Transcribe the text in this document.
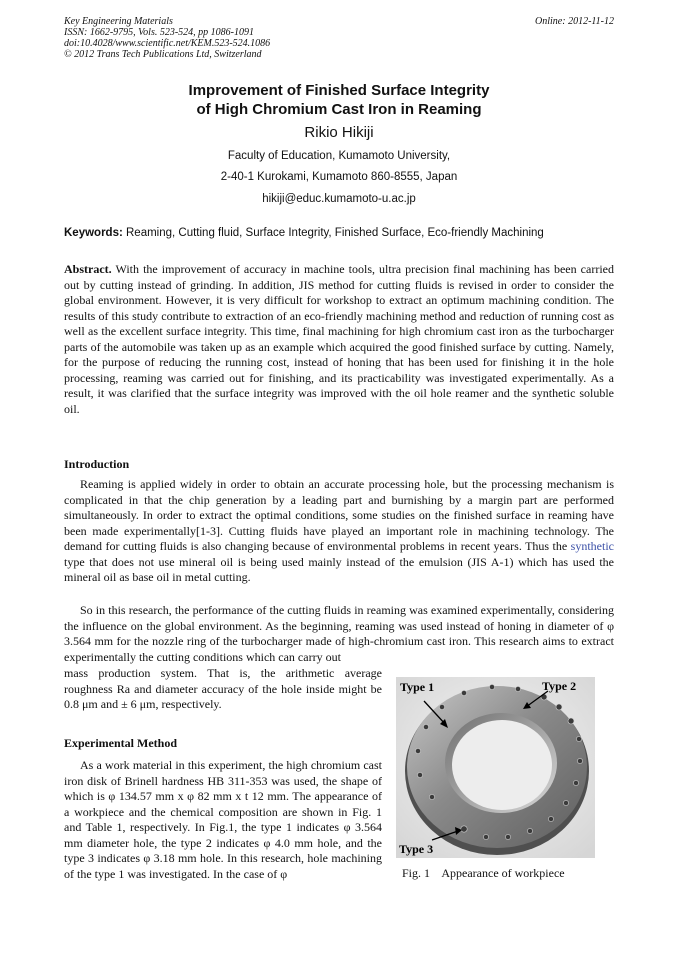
Key Engineering Materials
ISSN: 1662-9795, Vols. 523-524, pp 1086-1091
doi:10.4028/www.scientific.net/KEM.523-524.1086
© 2012 Trans Tech Publications Ltd, Switzerland
Online: 2012-11-12
Improvement of Finished Surface Integrity
of High Chromium Cast Iron in Reaming
Rikio Hikiji
Faculty of Education, Kumamoto University,
2-40-1 Kurokami, Kumamoto 860-8555, Japan
hikiji@educ.kumamoto-u.ac.jp
Keywords: Reaming, Cutting fluid, Surface Integrity, Finished Surface, Eco-friendly Machining

Abstract. With the improvement of accuracy in machine tools, ultra precision final machining has been carried out by cutting instead of grinding. In addition, JIS method for cutting fluids is revised in order to consider the global environment. However, it is very difficult for workshop to extract an optimum machining condition. The results of this study contribute to extraction of an eco-friendly machining method and reduction of running cost as well as the excellent surface integrity. This time, final machining for high chromium cast iron as the turbocharger parts of the automobile was taken up as an example which acquired the good finished surface by cutting. Namely, for the purpose of reducing the running cost, instead of honing that has been used for finishing it in the hole processing, reaming was carried out for finishing, and its practicability was investigated experimentally. As a result, it was clarified that the surface integrity was improved with the oil hole reamer and the synthetic soluble oil.

Introduction

Reaming is applied widely in order to obtain an accurate processing hole, but the processing mechanism is complicated in that the chip generation by a leading part and burnishing by a margin part are performed simultaneously. In order to extract the optimal conditions, some studies on the finished surface in reaming have been made experimentally[1-3]. Cutting fluids have played an important role in machining technology. The demand for cutting fluids is also changing because of environmental problems in recent years. Thus the synthetic type that does not use mineral oil is being used mainly instead of the emulsion (JIS A-1) which has used the mineral oil as base oil in metal cutting.

So in this research, the performance of the cutting fluids in reaming was examined experimentally, considering the influence on the global environment. As the beginning, reaming was used instead of honing in diameter of φ 3.564 mm for the nozzle ring of the turbocharger made of high-chromium cast iron. This research aims to extract experimentally the cutting conditions which can carry out

mass production system. That is, the arithmetic average roughness Ra and diameter accuracy of the hole inside might be 0.8 μm and ± 6 μm, respectively.

Experimental Method

As a work material in this experiment, the high chromium cast iron disk of Brinell hardness HB 311-353 was used, the shape of which is φ 134.57 mm x φ 82 mm x t 12 mm. The appearance of a workpiece and the chemical composition are shown in Fig. 1 and Table 1, respectively. In Fig.1, the type 1 indicates φ 3.564 mm diameter hole, the type 2 indicates φ 4.0 mm hole, and the type 3 indicates φ 3.18 mm hole. In this research, hole machining of the type 1 was investigated. In the case of φ

Type 1	Type 2
Type 3
Fig. 1    Appearance of workpiece
